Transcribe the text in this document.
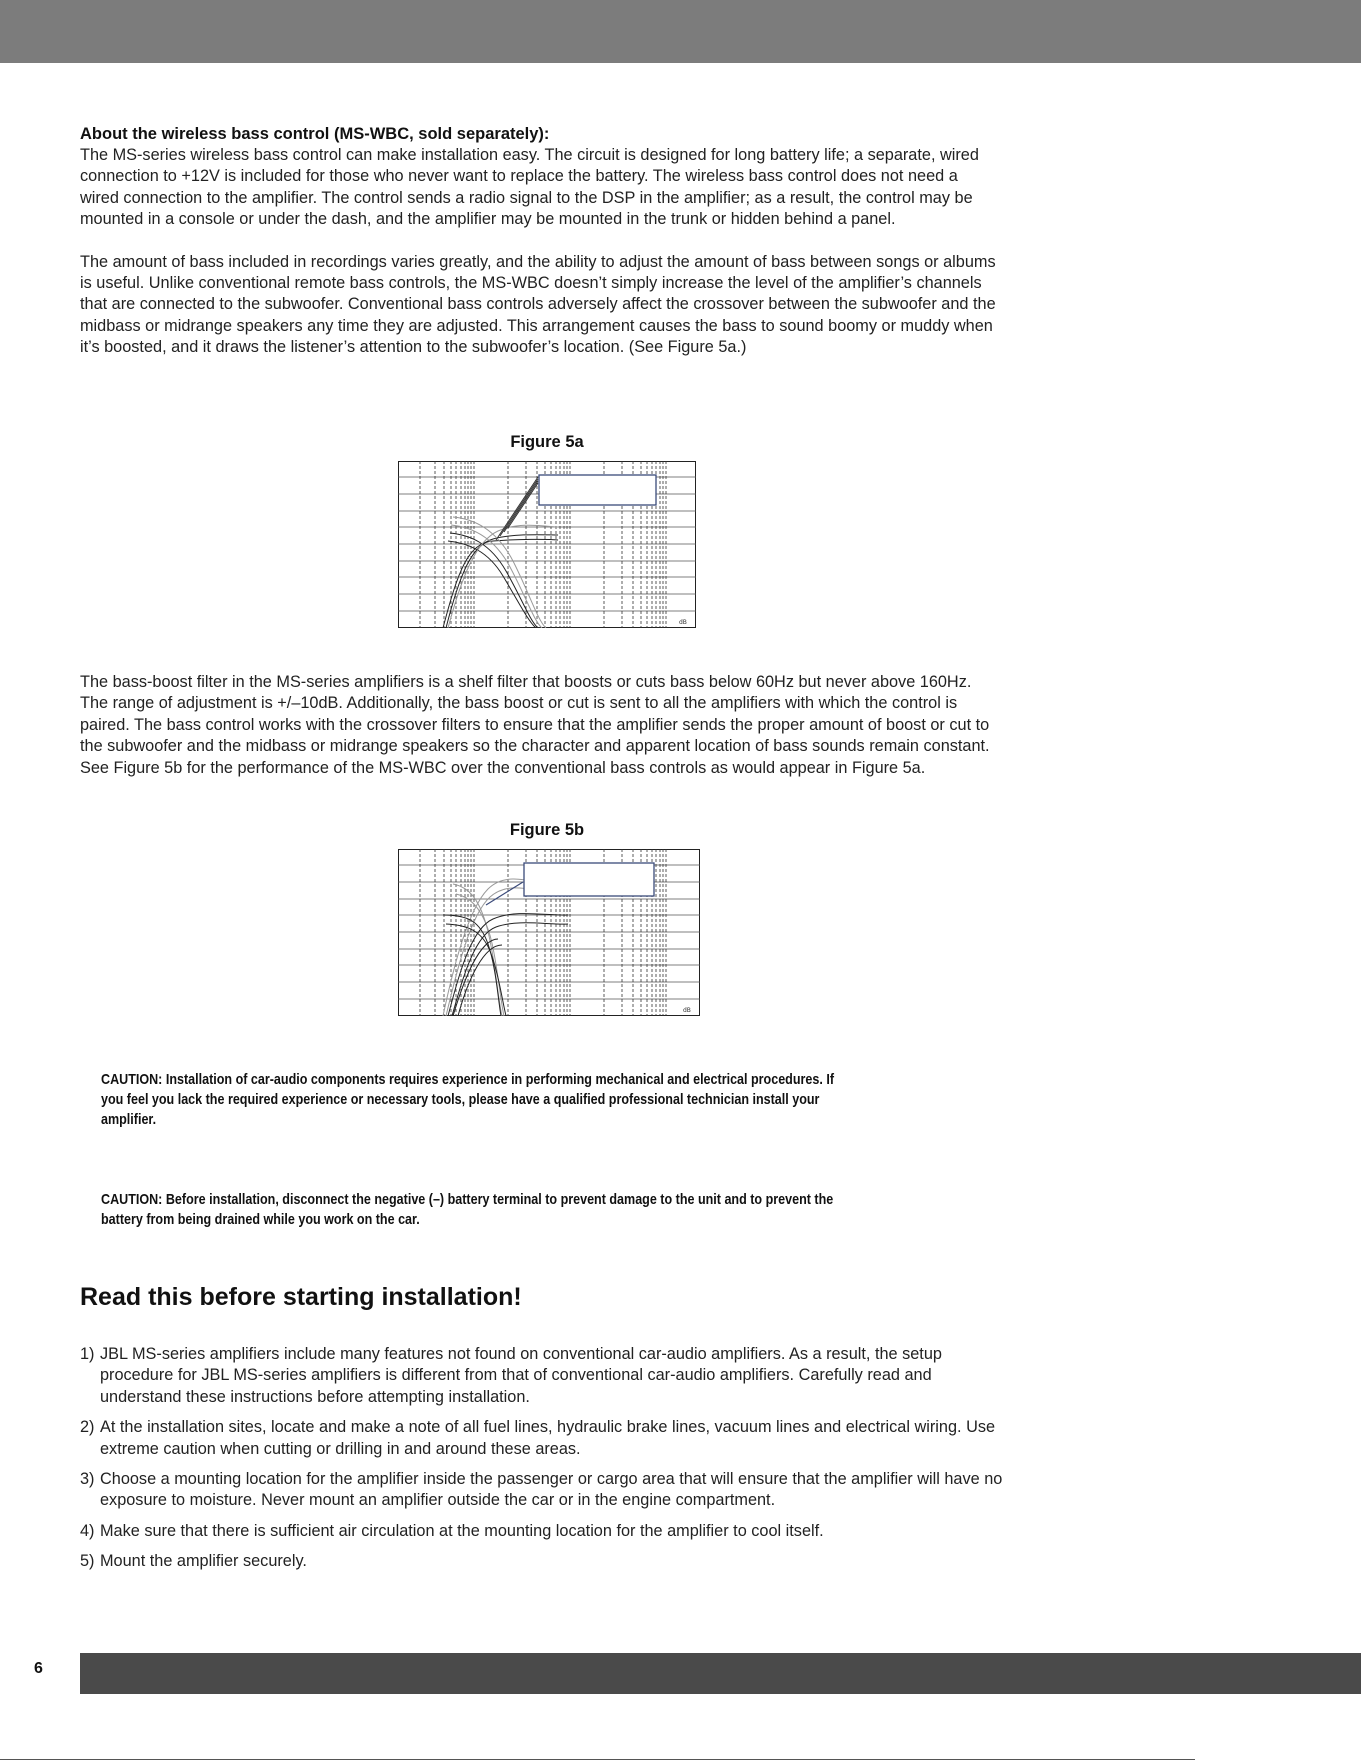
About the wireless bass control (MS-WBC, sold separately):

The MS-series wireless bass control can make installation easy. The circuit is designed for long battery life; a separate, wired connection to +12V is included for those who never want to replace the battery. The wireless bass control does not need a wired connection to the amplifier. The control sends a radio signal to the DSP in the amplifier; as a result, the control may be mounted in a console or under the dash, and the amplifier may be mounted in the trunk or hidden behind a panel.

The amount of bass included in recordings varies greatly, and the ability to adjust the amount of bass between songs or albums is useful. Unlike conventional remote bass controls, the MS-WBC doesn’t simply increase the level of the amplifier’s channels that are connected to the subwoofer. Conventional bass controls adversely affect the crossover between the subwoofer and the midbass or midrange speakers any time they are adjusted. This arrangement causes the bass to sound boomy or muddy when it’s boosted, and it draws the listener’s attention to the subwoofer’s location. (See Figure 5a.)

Figure 5a
dB

The bass-boost filter in the MS-series amplifiers is a shelf filter that boosts or cuts bass below 60Hz but never above 160Hz. The range of adjustment is +/–10dB. Additionally, the bass boost or cut is sent to all the amplifiers with which the control is paired. The bass control works with the crossover filters to ensure that the amplifier sends the proper amount of boost or cut to the subwoofer and the midbass or midrange speakers so the character and apparent location of bass sounds remain constant. See Figure 5b for the performance of the MS-WBC over the conventional bass controls as would appear in Figure 5a.

Figure 5b
dB
CAUTION: Installation of car-audio components requires experience in performing mechanical and electrical procedures. If you feel you lack the required experience or necessary tools, please have a qualified professional technician install your amplifier.
CAUTION: Before installation, disconnect the negative (–) battery terminal to prevent damage to the unit and to prevent the battery from being drained while you work on the car.
Read this before starting installation!
1) JBL MS-series amplifiers include many features not found on conventional car-audio amplifiers. As a result, the setup procedure for JBL MS-series amplifiers is different from that of conventional car-audio amplifiers. Carefully read and understand these instructions before attempting installation.
2) At the installation sites, locate and make a note of all fuel lines, hydraulic brake lines, vacuum lines and electrical wiring. Use extreme caution when cutting or drilling in and around these areas.
3) Choose a mounting location for the amplifier inside the passenger or cargo area that will ensure that the amplifier will have no exposure to moisture. Never mount an amplifier outside the car or in the engine compartment.
4) Make sure that there is sufficient air circulation at the mounting location for the amplifier to cool itself.
5) Mount the amplifier securely.
6
